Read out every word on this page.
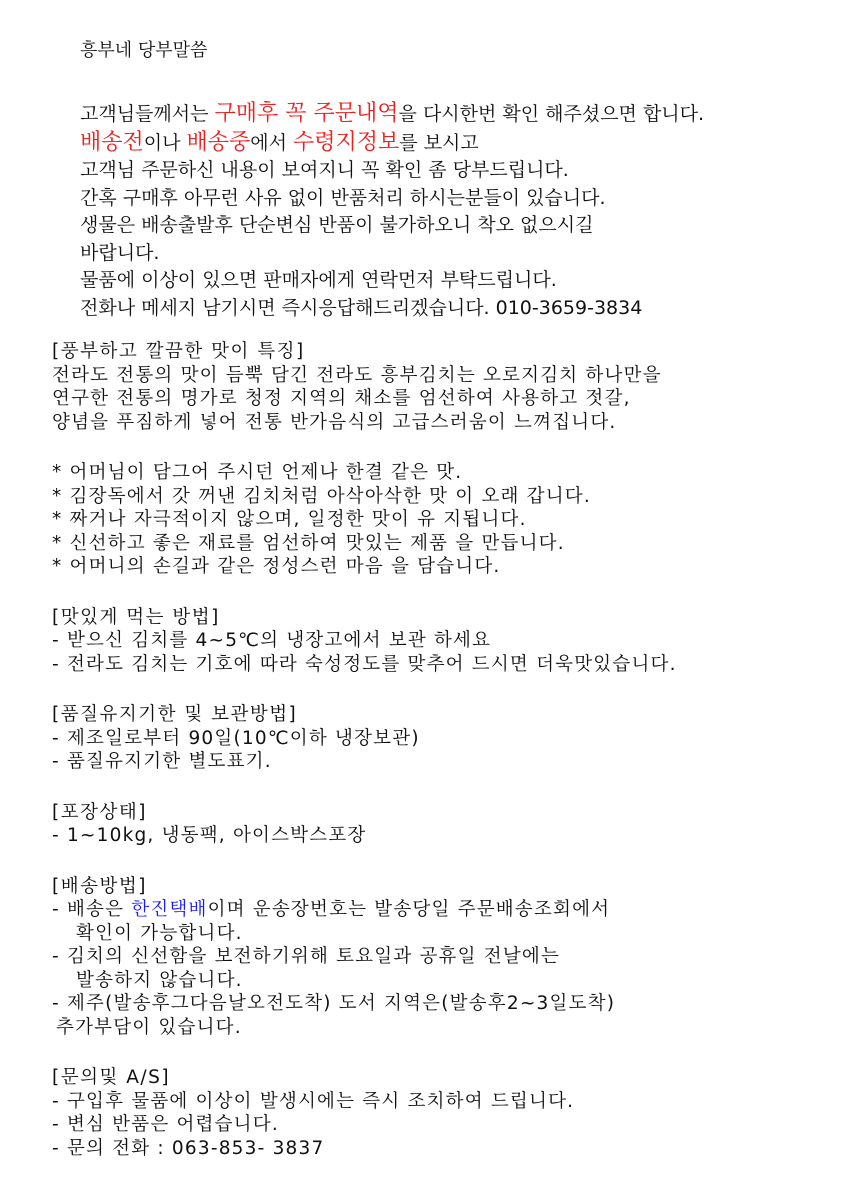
흥부네 당부말씀
고객님들께서는 구매후 꼭 주문내역을 다시한번 확인 해주셨으면 합니다.
배송전이나 배송중에서 수령지정보를 보시고
고객님 주문하신 내용이 보여지니 꼭 확인 좀 당부드립니다.
간혹 구매후 아무런 사유 없이 반품처리 하시는분들이 있습니다.
생물은 배송출발후 단순변심 반품이 불가하오니 착오 없으시길
바랍니다.
물품에 이상이 있으면 판매자에게 연락먼저 부탁드립니다.
전화나 메세지 남기시면 즉시응답해드리겠습니다. 010-3659-3834
[풍부하고 깔끔한 맛이 특징]
전라도 전통의 맛이 듬뿍 담긴 전라도 흥부김치는 오로지김치 하나만을
연구한 전통의 명가로 청정 지역의 채소를 엄선하여 사용하고 젓갈,
양념을 푸짐하게 넣어 전통 반가음식의 고급스러움이 느껴집니다.
* 어머님이 담그어 주시던 언제나 한결 같은 맛.
* 김장독에서 갓 꺼낸 김치처럼 아삭아삭한 맛 이 오래 갑니다.
* 짜거나 자극적이지 않으며, 일정한 맛이 유 지됩니다.
* 신선하고 좋은 재료를 엄선하여 맛있는 제품 을 만듭니다.
* 어머니의 손길과 같은 정성스런 마음 을 담습니다.
[맛있게 먹는 방법]
- 받으신 김치를 4~5℃의 냉장고에서 보관 하세요
- 전라도 김치는 기호에 따라 숙성정도를 맞추어 드시면 더욱맛있습니다.
[품질유지기한 및 보관방법]
- 제조일로부터 90일(10℃이하 냉장보관)
- 품질유지기한 별도표기.
[포장상태]
- 1~10kg, 냉동팩, 아이스박스포장
[배송방법]
- 배송은 한진택배이며 운송장번호는 발송당일 주문배송조회에서
확인이 가능합니다.
- 김치의 신선함을 보전하기위해 토요일과 공휴일 전날에는
발송하지 않습니다.
- 제주(발송후그다음날오전도착) 도서 지역은(발송후2~3일도착)
추가부담이 있습니다.
[문의및 A/S]
- 구입후 물품에 이상이 발생시에는 즉시 조치하여 드립니다.
- 변심 반품은 어렵습니다.
- 문의 전화 : 063-853- 3837
